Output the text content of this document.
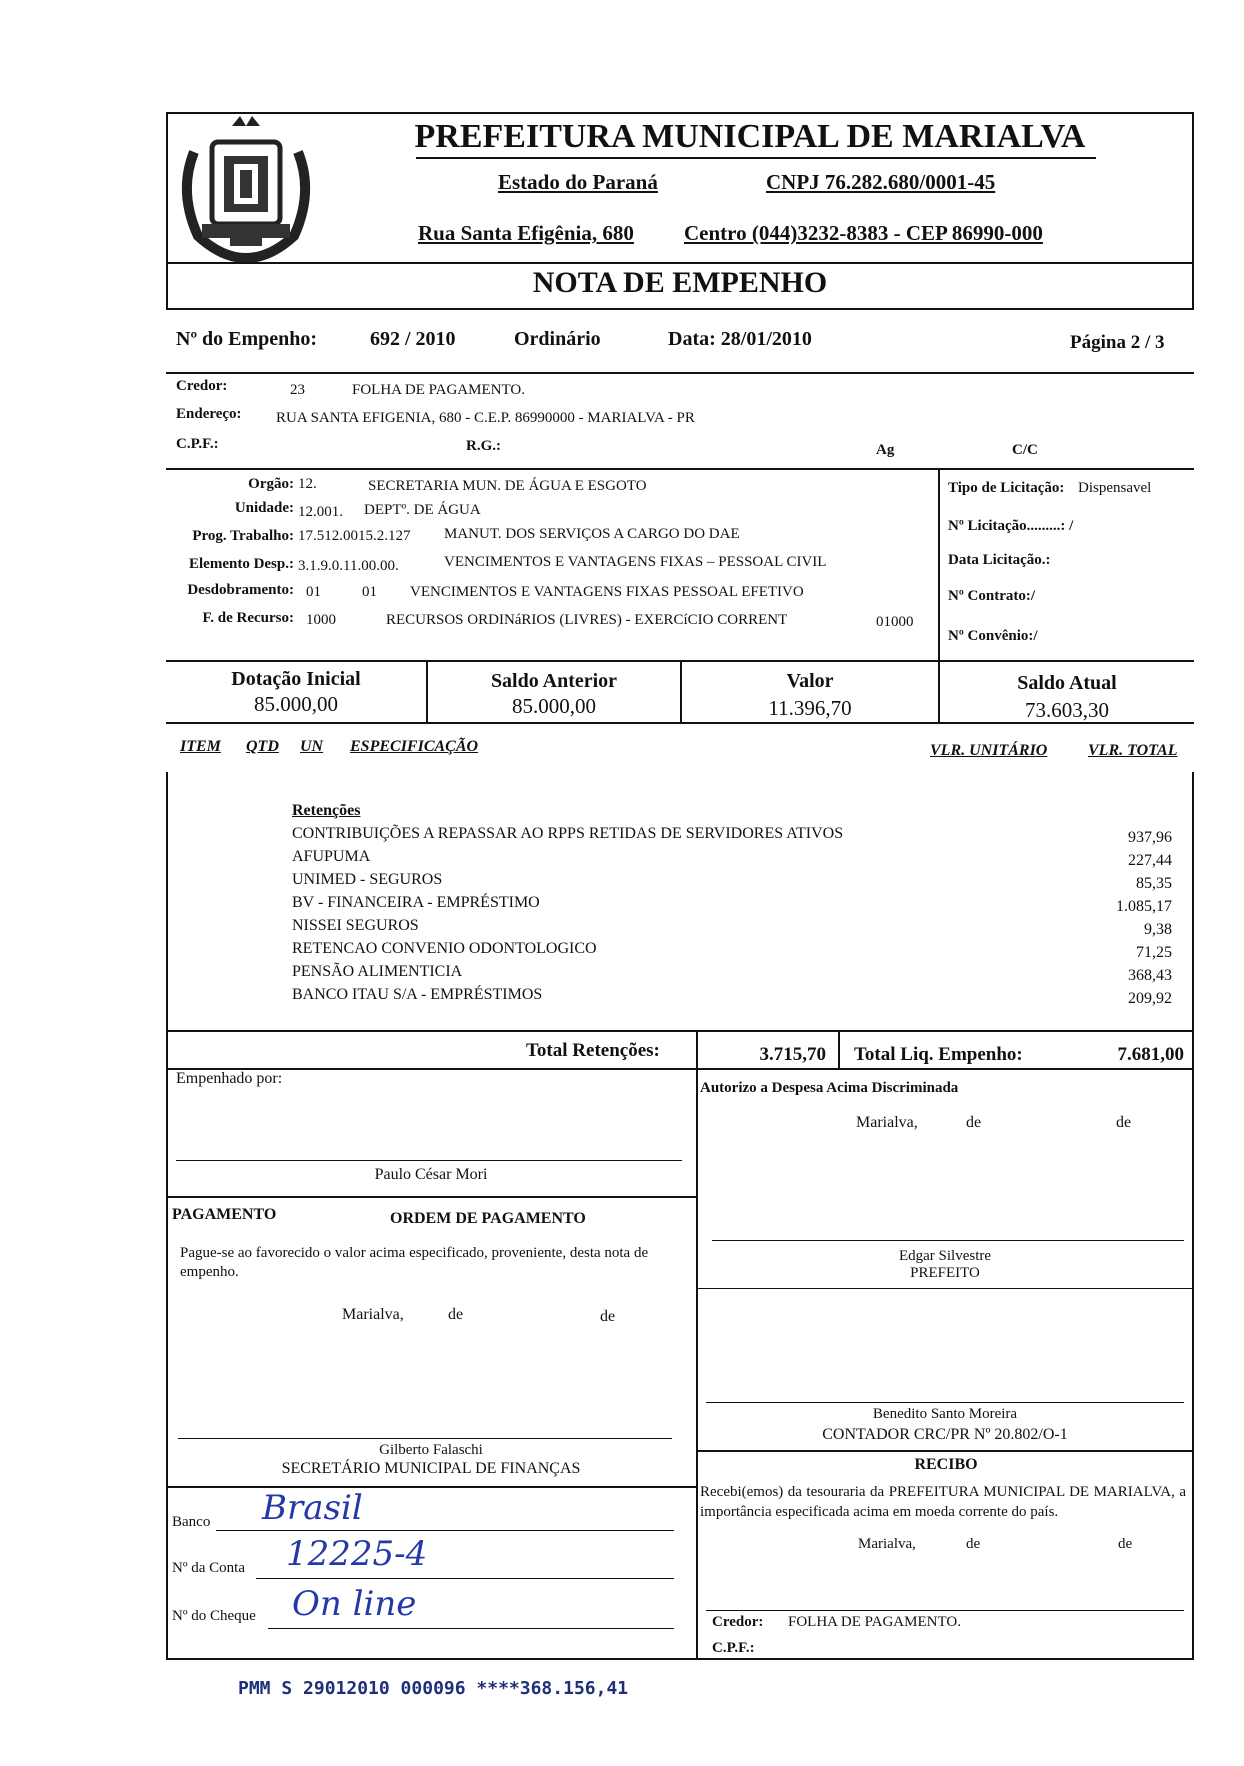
PREFEITURA MUNICIPAL DE MARIALVA
Estado do Paraná	CNPJ 76.282.680/0001-45
Rua Santa Efigênia, 680 Centro (044)3232-8383 - CEP 86990-000
NOTA DE EMPENHO
Nº do Empenho:	692 / 2010	Ordinário	Data: 28/01/2010	Página 2 / 3
Credor:	23	FOLHA DE PAGAMENTO.
Endereço: RUA SANTA EFIGENIA, 680 - C.E.P. 86990000 - MARIALVA - PR
C.P.F.:	R.G.:	Ag	C/C
Orgão: 12.	SECRETARIA MUN. DE ÁGUA E ESGOTO
Unidade: 12.001. DEPTº. DE ÁGUA
Prog. Trabalho: 17.512.0015.2.127 MANUT. DOS SERVIÇOS A CARGO DO DAE
Elemento Desp.: 3.1.9.0.11.00.00.	VENCIMENTOS E VANTAGENS FIXAS – PESSOAL CIVIL
Desdobramento: 01	01 VENCIMENTOS E VANTAGENS FIXAS PESSOAL EFETIVO
F. de Recurso: 1000	RECURSOS ORDINáRIOS (LIVRES) - EXERCíCIO CORRENT	01000
Tipo de Licitação: Dispensavel
Nº Licitação.........: /
Data Licitação.:
Nº Contrato:/
Nº Convênio:/
Dotação Inicial
85.000,00
Saldo Anterior
85.000,00
Valor
11.396,70
Saldo Atual
73.603,30
ITEM QTD UN ESPECIFICAÇÃO	VLR. UNITÁRIO	VLR. TOTAL
Retenções
CONTRIBUIÇÕES A REPASSAR AO RPPS RETIDAS DE SERVIDORES ATIVOS	937,96
AFUPUMA	227,44
UNIMED - SEGUROS	85,35
BV - FINANCEIRA - EMPRÉSTIMO	1.085,17
NISSEI SEGUROS	9,38
RETENCAO CONVENIO ODONTOLOGICO	71,25
PENSÃO ALIMENTICIA	368,43
BANCO ITAU S/A - EMPRÉSTIMOS	209,92
Total Retenções:	3.715,70 Total Liq. Empenho:	7.681,00
Empenhado por:
Paulo César Mori
PAGAMENTO	ORDEM DE PAGAMENTO
Pague-se ao favorecido o valor acima especificado, proveniente, desta nota de empenho.
Marialva,	de	de
Gilberto Falaschi
SECRETÁRIO MUNICIPAL DE FINANÇAS
Banco Brasil
Nº da Conta 12225-4
Nº do Cheque On line
Autorizo a Despesa Acima Discriminada
Marialva,	de	de
Edgar Silvestre
PREFEITO
Benedito Santo Moreira
CONTADOR CRC/PR Nº 20.802/O-1
RECIBO
Recebi(emos) da tesouraria da PREFEITURA MUNICIPAL DE MARIALVA, a importância especificada acima em moeda corrente do país.
Marialva,	de	de
Credor: FOLHA DE PAGAMENTO.
C.P.F.:
PMM S 29012010 000096 ****368.156,41
